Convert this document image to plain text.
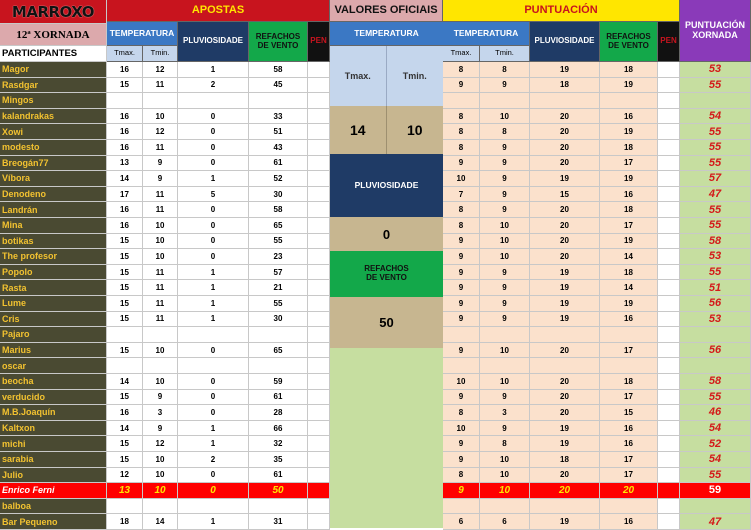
MARROXO
12ª XORNADA
PARTICIPANTES
APOSTAS	VALORES OFICIAIS	PUNTUACIÓN
PUNTUACIÓN XORNADA
TEMPERATURA
Tmax.	Tmin.
PLUVIOSIDADE	REFACHOS DE VENTO	PEN
TEMPERATURA
Tmax.	Tmin.
PLUVIOSIDADE	REFACHOS DE VENTO	PEN
TEMPERATURA
Tmax.	Tmin.
14	10
PLUVIOSIDADE
0
REFACHOS DE VENTO
50
Magor	16	12	1	58	8	8	19	18	53
Rasdgar	15	11	2	45	9	9	18	19	55
Mingos
kalandrakas	16	10	0	33	8	10	20	16	54
Xowi	16	12	0	51	8	8	20	19	55
modesto	16	11	0	43	8	9	20	18	55
Breogán77	13	9	0	61	9	9	20	17	55
Víbora	14	9	1	52	10	9	19	19	57
Denodeno	17	11	5	30	7	9	15	16	47
Landrán	16	11	0	58	8	9	20	18	55
Mina	16	10	0	65	8	10	20	17	55
botikas	15	10	0	55	9	10	20	19	58
The profesor	15	10	0	23	9	10	20	14	53
Popolo	15	11	1	57	9	9	19	18	55
Rasta	15	11	1	21	9	9	19	14	51
Lume	15	11	1	55	9	9	19	19	56
Cris	15	11	1	30	9	9	19	16	53
Pajaro
Marius	15	10	0	65	9	10	20	17	56
oscar
beocha	14	10	0	59	10	10	20	18	58
verducido	15	9	0	61	9	9	20	17	55
M.B.Joaquín	16	3	0	28	8	3	20	15	46
Kaltxon	14	9	1	66	10	9	19	16	54
michi	15	12	1	32	9	8	19	16	52
sarabia	15	10	2	35	9	10	18	17	54
Julio	12	10	0	61	8	10	20	17	55
Enrico Ferni	13	10	0	50	9	10	20	20	59
balboa
Bar Pequeno	18	14	1	31	6	6	19	16	47
